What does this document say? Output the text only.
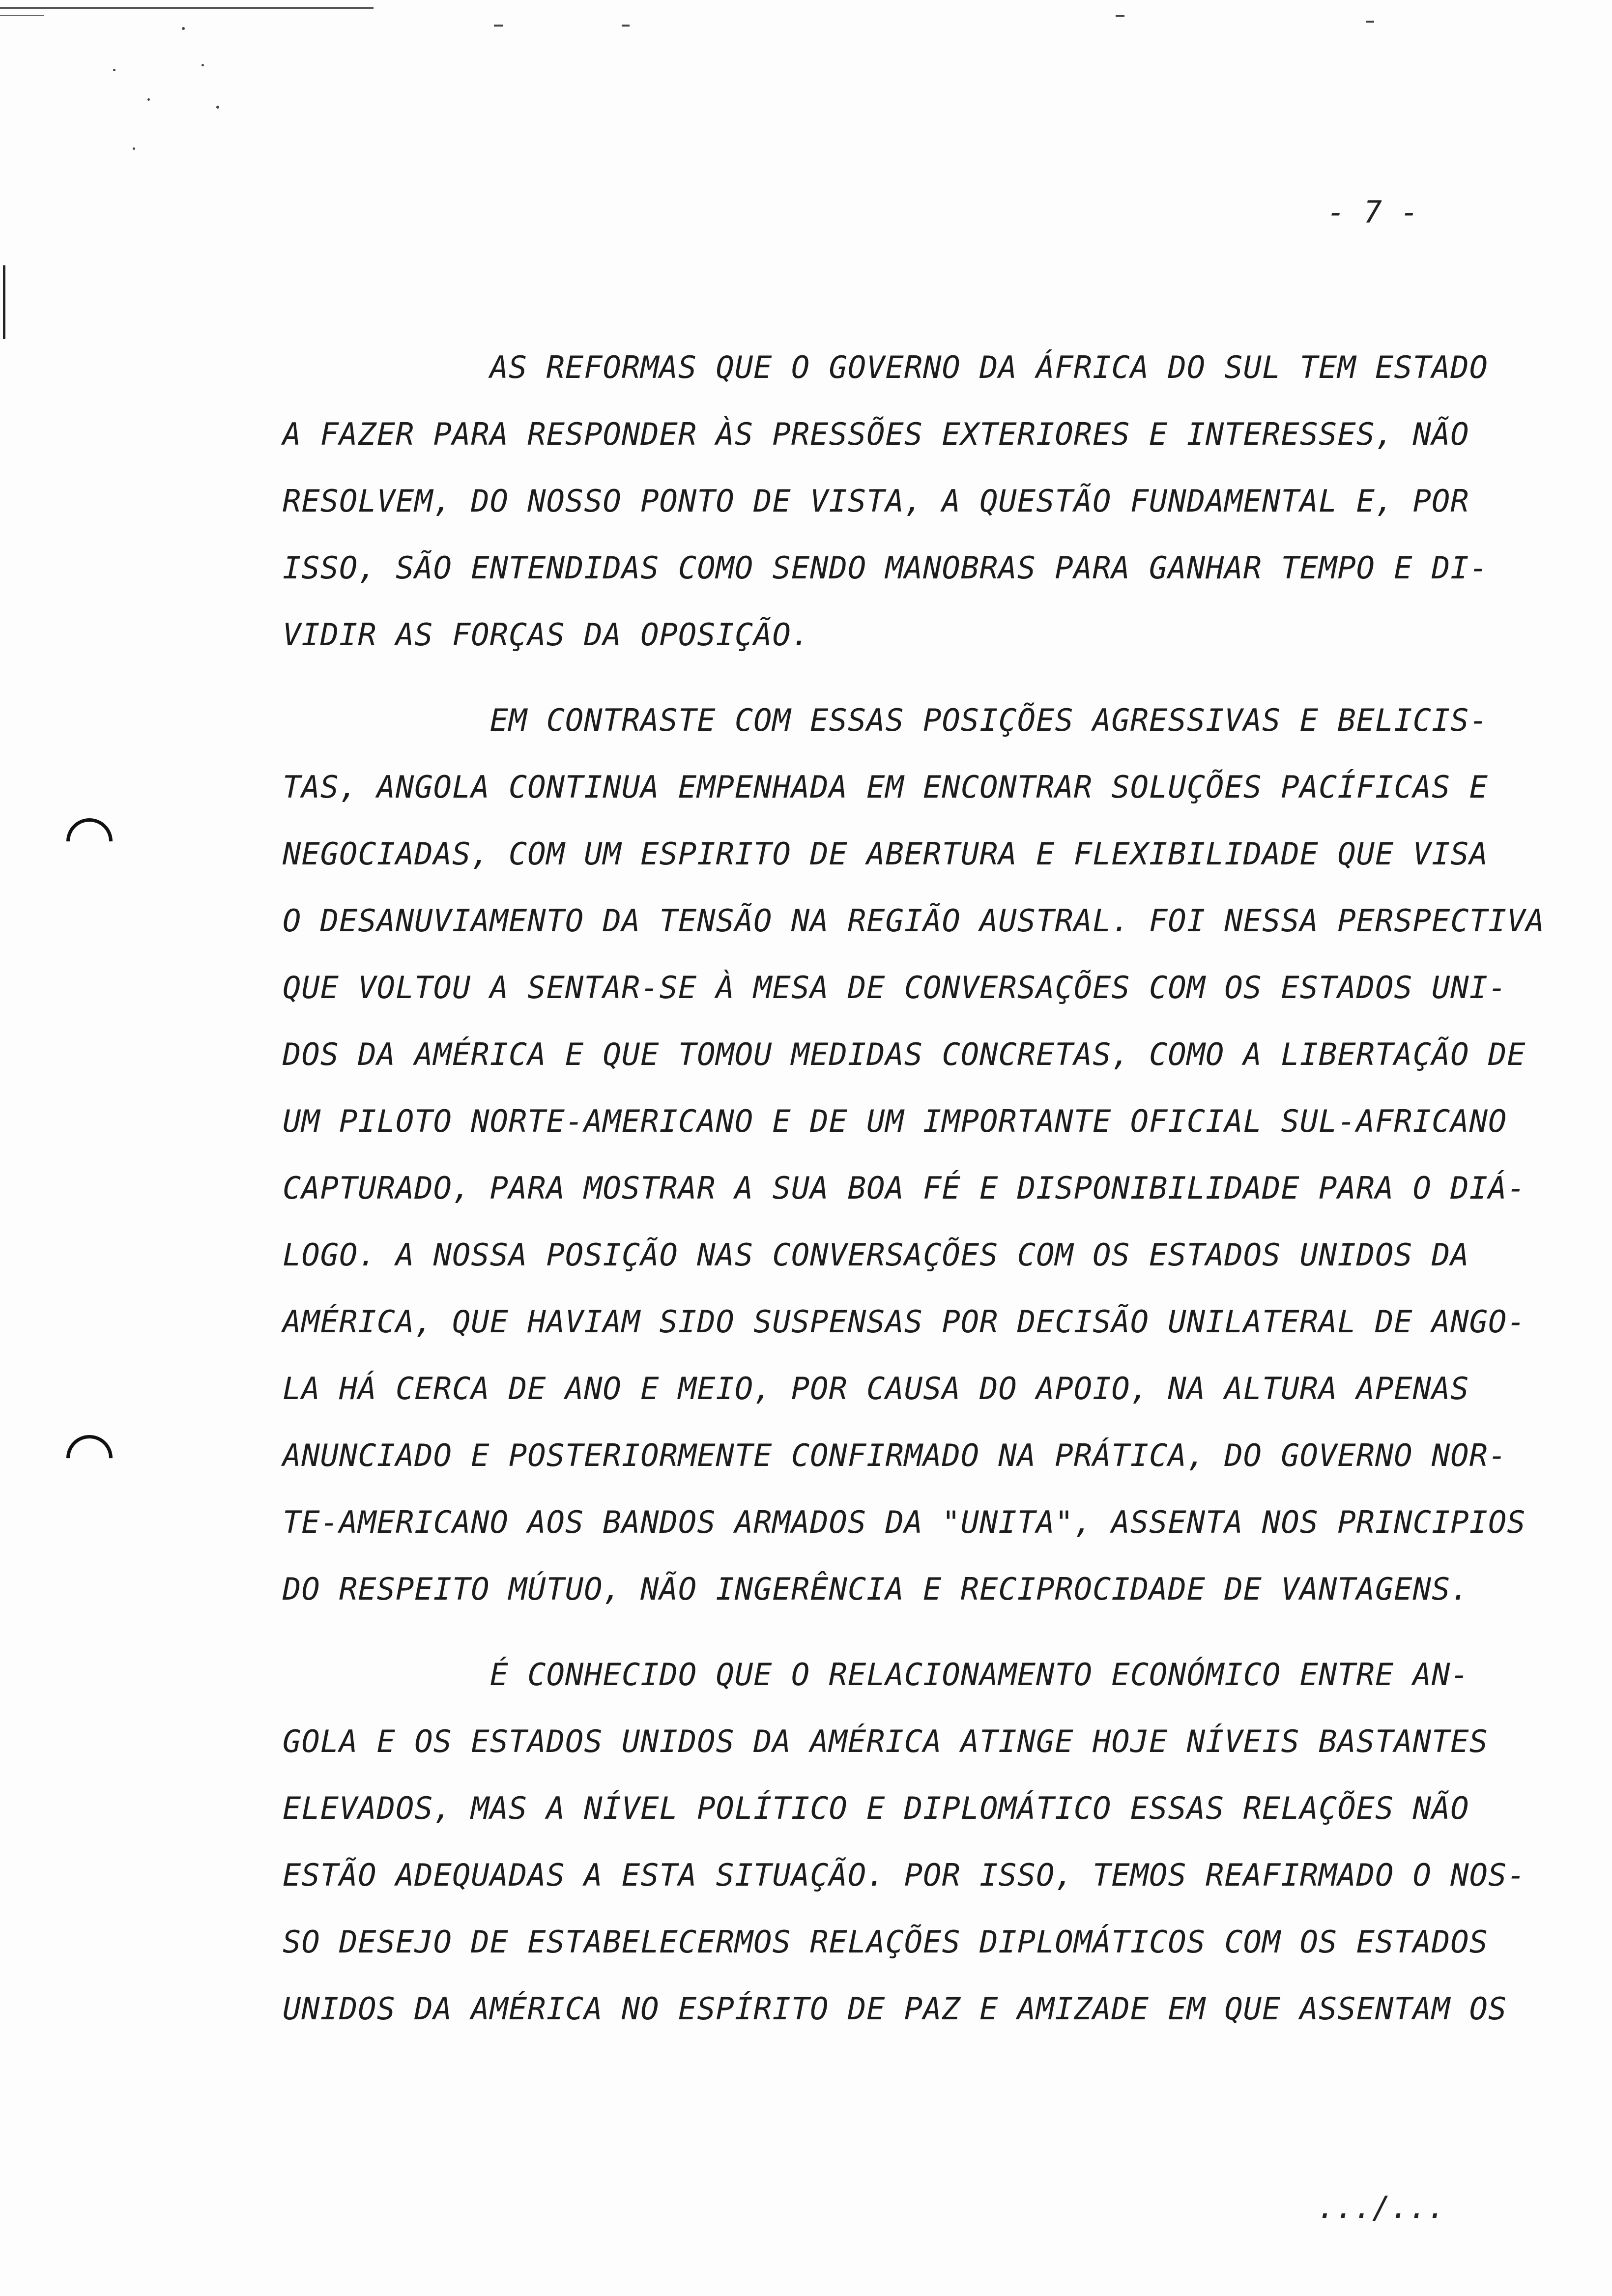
- 7 -
AS REFORMAS QUE O GOVERNO DA ÁFRICA DO SUL TEM ESTADO
A FAZER PARA RESPONDER ÀS PRESSÕES EXTERIORES E INTERESSES, NÃO
RESOLVEM, DO NOSSO PONTO DE VISTA, A QUESTÃO FUNDAMENTAL E, POR
ISSO, SÃO ENTENDIDAS COMO SENDO MANOBRAS PARA GANHAR TEMPO E DI-
VIDIR AS FORÇAS DA OPOSIÇÃO.
EM CONTRASTE COM ESSAS POSIÇÕES AGRESSIVAS E BELICIS-
TAS, ANGOLA CONTINUA EMPENHADA EM ENCONTRAR SOLUÇÕES PACÍFICAS E
NEGOCIADAS, COM UM ESPIRITO DE ABERTURA E FLEXIBILIDADE QUE VISA
O DESANUVIAMENTO DA TENSÃO NA REGIÃO AUSTRAL. FOI NESSA PERSPECTIVA
QUE VOLTOU A SENTAR-SE À MESA DE CONVERSAÇÕES COM OS ESTADOS UNI-
DOS DA AMÉRICA E QUE TOMOU MEDIDAS CONCRETAS, COMO A LIBERTAÇÃO DE
UM PILOTO NORTE-AMERICANO E DE UM IMPORTANTE OFICIAL SUL-AFRICANO
CAPTURADO, PARA MOSTRAR A SUA BOA FÉ E DISPONIBILIDADE PARA O DIÁ-
LOGO. A NOSSA POSIÇÃO NAS CONVERSAÇÕES COM OS ESTADOS UNIDOS DA
AMÉRICA, QUE HAVIAM SIDO SUSPENSAS POR DECISÃO UNILATERAL DE ANGO-
LA HÁ CERCA DE ANO E MEIO, POR CAUSA DO APOIO, NA ALTURA APENAS
ANUNCIADO E POSTERIORMENTE CONFIRMADO NA PRÁTICA, DO GOVERNO NOR-
TE-AMERICANO AOS BANDOS ARMADOS DA "UNITA", ASSENTA NOS PRINCIPIOS
DO RESPEITO MÚTUO, NÃO INGERÊNCIA E RECIPROCIDADE DE VANTAGENS.
É CONHECIDO QUE O RELACIONAMENTO ECONÓMICO ENTRE AN-
GOLA E OS ESTADOS UNIDOS DA AMÉRICA ATINGE HOJE NÍVEIS BASTANTES
ELEVADOS, MAS A NÍVEL POLÍTICO E DIPLOMÁTICO ESSAS RELAÇÕES NÃO
ESTÃO ADEQUADAS A ESTA SITUAÇÃO. POR ISSO, TEMOS REAFIRMADO O NOS-
SO DESEJO DE ESTABELECERMOS RELAÇÕES DIPLOMÁTICOS COM OS ESTADOS
UNIDOS DA AMÉRICA NO ESPÍRITO DE PAZ E AMIZADE EM QUE ASSENTAM OS
.../...
